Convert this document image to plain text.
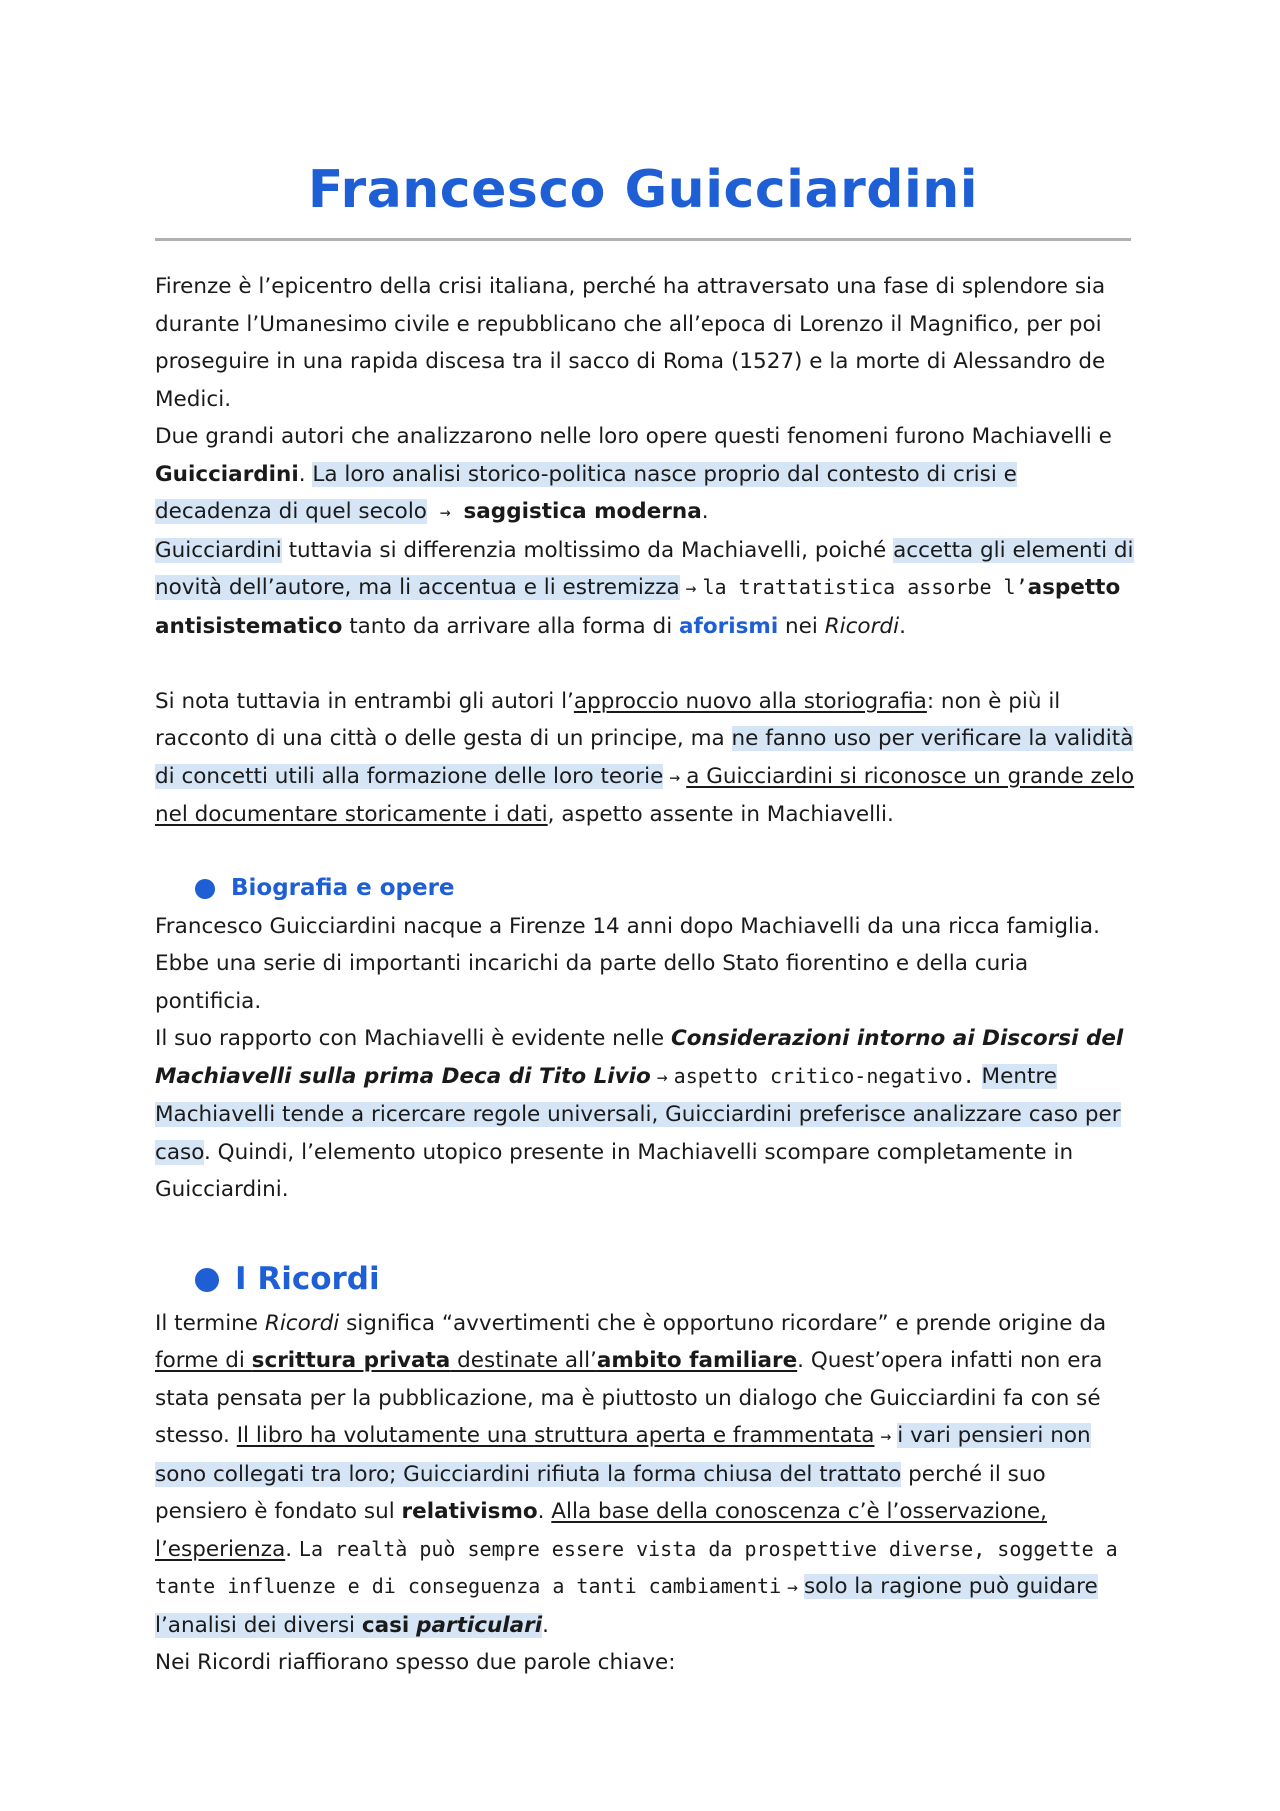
Francesco Guicciardini

Firenze è l’epicentro della crisi italiana, perché ha attraversato una fase di splendore sia durante l’Umanesimo civile e repubblicano che all’epoca di Lorenzo il Magnifico, per poi proseguire in una rapida discesa tra il sacco di Roma (1527) e la morte di Alessandro de Medici.

Due grandi autori che analizzarono nelle loro opere questi fenomeni furono Machiavelli e Guicciardini. La loro analisi storico-politica nasce proprio dal contesto di crisi e decadenza di quel secolo → saggistica moderna.

Guicciardini tuttavia si differenzia moltissimo da Machiavelli, poiché accetta gli elementi di novità dell’autore, ma li accentua e li estremizza → la trattatistica assorbe l’aspetto antisistematico tanto da arrivare alla forma di aforismi nei Ricordi.

Si nota tuttavia in entrambi gli autori l’approccio nuovo alla storiografia: non è più il racconto di una città o delle gesta di un principe, ma ne fanno uso per verificare la validità di concetti utili alla formazione delle loro teorie → a Guicciardini si riconosce un grande zelo nel documentare storicamente i dati, aspetto assente in Machiavelli.

Biografia e opere

Francesco Guicciardini nacque a Firenze 14 anni dopo Machiavelli da una ricca famiglia.

Ebbe una serie di importanti incarichi da parte dello Stato fiorentino e della curia pontificia.

Il suo rapporto con Machiavelli è evidente nelle Considerazioni intorno ai Discorsi del Machiavelli sulla prima Deca di Tito Livio → aspetto critico-negativo. Mentre Machiavelli tende a ricercare regole universali, Guicciardini preferisce analizzare caso per caso. Quindi, l’elemento utopico presente in Machiavelli scompare completamente in Guicciardini.

I Ricordi

Il termine Ricordi significa “avvertimenti che è opportuno ricordare” e prende origine da forme di scrittura privata destinate all’ambito familiare. Quest’opera infatti non era stata pensata per la pubblicazione, ma è piuttosto un dialogo che Guicciardini fa con sé stesso. Il libro ha volutamente una struttura aperta e frammentata → i vari pensieri non sono collegati tra loro; Guicciardini rifiuta la forma chiusa del trattato perché il suo pensiero è fondato sul relativismo. Alla base della conoscenza c’è l’osservazione, l’esperienza. La realtà può sempre essere vista da prospettive diverse, soggette a tante influenze e di conseguenza a tanti cambiamenti → solo la ragione può guidare l’analisi dei diversi casi particulari.

Nei Ricordi riaffiorano spesso due parole chiave:
